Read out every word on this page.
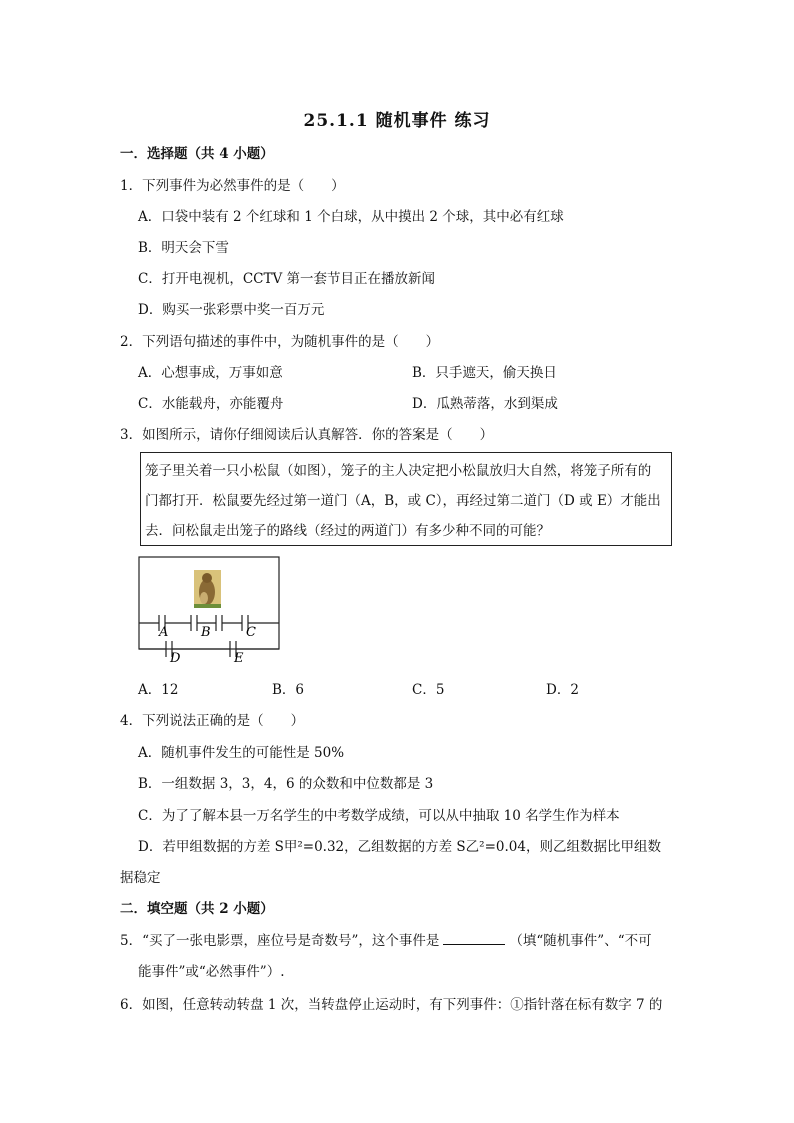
25.1.1 随机事件 练习
一．选择题（共 4 小题）
1．下列事件为必然事件的是（　　）
A．口袋中装有 2 个红球和 1 个白球，从中摸出 2 个球，其中必有红球
B．明天会下雪
C．打开电视机，CCTV 第一套节目正在播放新闻
D．购买一张彩票中奖一百万元
2．下列语句描述的事件中，为随机事件的是（　　）
A．心想事成，万事如意	B．只手遮天，偷天换日
C．水能载舟，亦能覆舟	D．瓜熟蒂落，水到渠成
3．如图所示，请你仔细阅读后认真解答．你的答案是（　　）
笼子里关着一只小松鼠（如图），笼子的主人决定把小松鼠放归大自然，将笼子所有的
门都打开．松鼠要先经过第一道门（A，B，或 C），再经过第二道门（D 或 E）才能出
去．问松鼠走出笼子的路线（经过的两道门）有多少种不同的可能？
A	B	C
D	E
A．12	B．6	C．5	D．2
4．下列说法正确的是（　　）
A．随机事件发生的可能性是 50%
B．一组数据 3，3，4，6 的众数和中位数都是 3
C．为了了解本县一万名学生的中考数学成绩，可以从中抽取 10 名学生作为样本
D．若甲组数据的方差 S甲²=0.32，乙组数据的方差 S乙²=0.04，则乙组数据比甲组数
据稳定
二．填空题（共 2 小题）
5．“买了一张电影票，座位号是奇数号”，这个事件是	（填“随机事件”、“不可
能事件”或“必然事件”）.
6．如图，任意转动转盘 1 次，当转盘停止运动时，有下列事件：①指针落在标有数字 7 的
